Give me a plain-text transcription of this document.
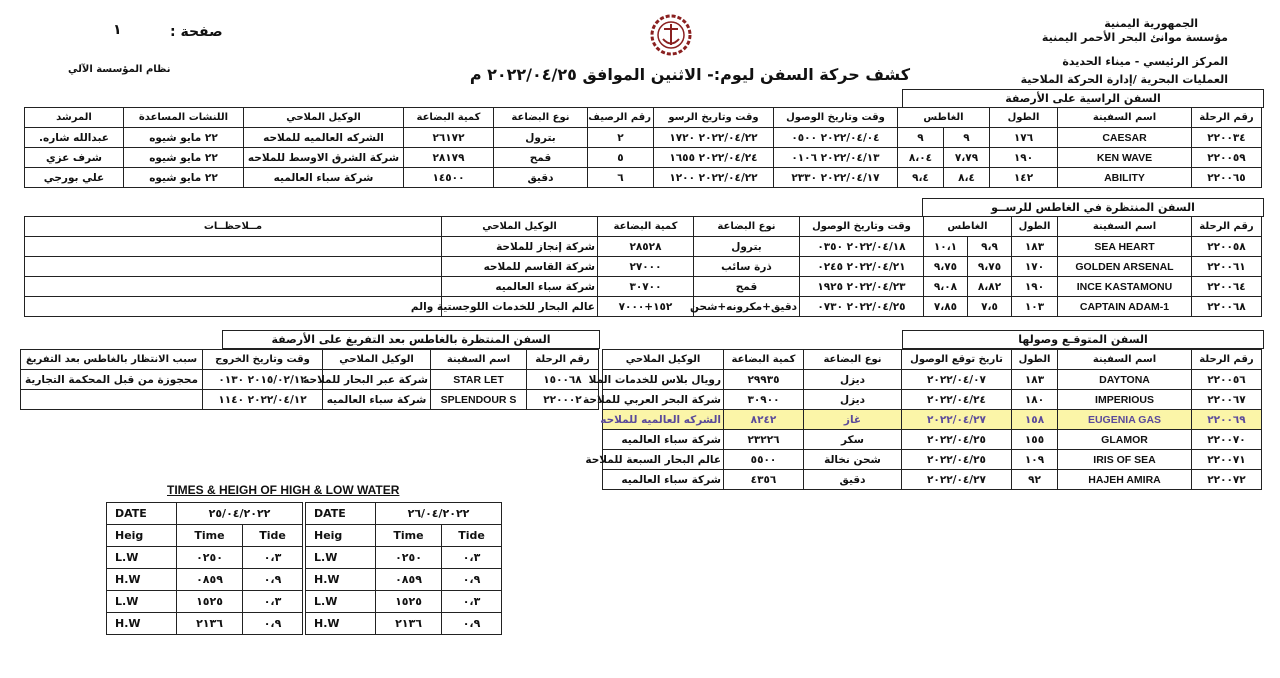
الجمهورية اليمنية
مؤسسة موانئ البحر الأحمر اليمنية
المركز الرئيسي - ميناء الحديدة
العمليات البحرية /إدارة الحركة الملاحية
كشف حركة السفن ليوم:- الاثنين الموافق ٢٠٢٢/٠٤/٢٥ م
صفحة :
١
نظام المؤسسة الآلي
السفن الراسية على الأرصفة
رقم الرحلة	اسم السفينة	الطول	الغاطس		وقت وتاريخ الوصول	وقت وتاريخ الرسو	رقم الرصيف	نوع البضاعة	كمية البضاعة	الوكيل الملاحي	اللنشات المساعدة	المرشد
٢٢٠٠٣٤	CAESAR	١٧٦	٩	٩	٢٠٢٢/٠٤/٠٤ ٠٥٠٠	٢٠٢٢/٠٤/٢٢ ١٧٢٠	٢	بترول	٢٦١٧٢	الشركه العالميه للملاحه	٢٢ مايو شيوه	عبدالله شاره.
٢٢٠٠٥٩	KEN WAVE	١٩٠	٧،٧٩	٨،٠٤	٢٠٢٢/٠٤/١٣ ٠١٠٦	٢٠٢٢/٠٤/٢٤ ١٦٥٥	٥	قمح	٢٨١٧٩	شركة الشرق الاوسط للملاحه	٢٢ مايو شيوه	شرف عزي
٢٢٠٠٦٥	ABILITY	١٤٢	٨،٤	٩،٤	٢٠٢٢/٠٤/١٧ ٢٣٣٠	٢٠٢٢/٠٤/٢٢ ١٢٠٠	٦	دقيق	١٤٥٠٠	شركة سباء العالميه	٢٢ مايو شيوه	علي بورجي
السفن المنتظرة في الغاطس للرســو
رقم الرحلة	اسم السفينة	الطول	الغاطس		وقت وتاريخ الوصول	نوع البضاعة	كمية البضاعة	الوكيل الملاحي	مــلاحظــات
٢٢٠٠٥٨	SEA HEART	١٨٣	٩،٩	١٠،١	٢٠٢٢/٠٤/١٨ ٠٣٥٠	بترول	٢٨٥٢٨	شركة إنجاز للملاحة	
٢٢٠٠٦١	GOLDEN ARSENAL	١٧٠	٩،٧٥	٩،٧٥	٢٠٢٢/٠٤/٢١ ٠٢٤٥	ذرة سائب	٢٧٠٠٠	شركة القاسم للملاحه	
٢٢٠٠٦٤	INCE KASTAMONU	١٩٠	٨،٨٢	٩،٠٨	٢٠٢٢/٠٤/٢٣ ١٩٢٥	قمح	٣٠٧٠٠	شركة سباء العالميه	
٢٢٠٠٦٨	CAPTAIN ADAM-1	١٠٣	٧،٥	٧،٨٥	٢٠٢٢/٠٤/٢٥ ٠٧٣٠	دقيق+مكرونه+شحن	١٥٢+٧٠٠٠	عالم البحار للخدمات اللوجستية والم	
السفن المتوقـع وصولها
رقم الرحلة	اسم السفينة	الطول	تاريخ توقع الوصول	نوع البضاعة	كمية البضاعة	الوكيل الملاحي
٢٢٠٠٥٦	DAYTONA	١٨٣	٢٠٢٢/٠٤/٠٧	ديزل	٢٩٩٣٥	رويال بلاس للخدمات الملا
٢٢٠٠٦٧	IMPERIOUS	١٨٠	٢٠٢٢/٠٤/٢٤	ديزل	٣٠٩٠٠	شركة البحر العربي للملاحة
٢٢٠٠٦٩	EUGENIA GAS	١٥٨	٢٠٢٢/٠٤/٢٧	غاز	٨٢٤٢	الشركه العالميه للملاحه
٢٢٠٠٧٠	GLAMOR	١٥٥	٢٠٢٢/٠٤/٢٥	سكر	٢٣٢٢٦	شركة سباء العالميه
٢٢٠٠٧١	IRIS OF SEA	١٠٩	٢٠٢٢/٠٤/٢٥	شحن نخالة	٥٥٠٠	عالم البحار السبعة للملاحة
٢٢٠٠٧٢	HAJEH AMIRA	٩٢	٢٠٢٢/٠٤/٢٧	دقيق	٤٣٥٦	شركة سباء العالميه
السفن المنتظرة بالغاطس بعد التفريغ على الأرصفة
رقم الرحلة	اسم السفينة	الوكيل الملاحي	وقت وتاريخ الخروج	سبب الانتظار بالغاطس بعد التفريغ
١٥٠٠٦٨	STAR LET	شركة عبر البحار للملاحه	٢٠١٥/٠٢/١٢ ٠١٣٠	محجوزة من قبل المحكمة التجارية
٢٢٠٠٠٢	SPLENDOUR S	شركة سباء العالميه	٢٠٢٢/٠٤/١٢ ١١٤٠	
TIMES & HEIGH OF HIGH & LOW WATER
DATE	٢٥/٠٤/٢٠٢٢	
Heig	Time	Tide
L.W	٠٢٥٠	٠،٣
H.W	٠٨٥٩	٠،٩
L.W	١٥٢٥	٠،٣
H.W	٢١٣٦	٠،٩
DATE	٢٦/٠٤/٢٠٢٢	
Heig	Time	Tide
L.W	٠٢٥٠	٠،٣
H.W	٠٨٥٩	٠،٩
L.W	١٥٢٥	٠،٣
H.W	٢١٣٦	٠،٩
